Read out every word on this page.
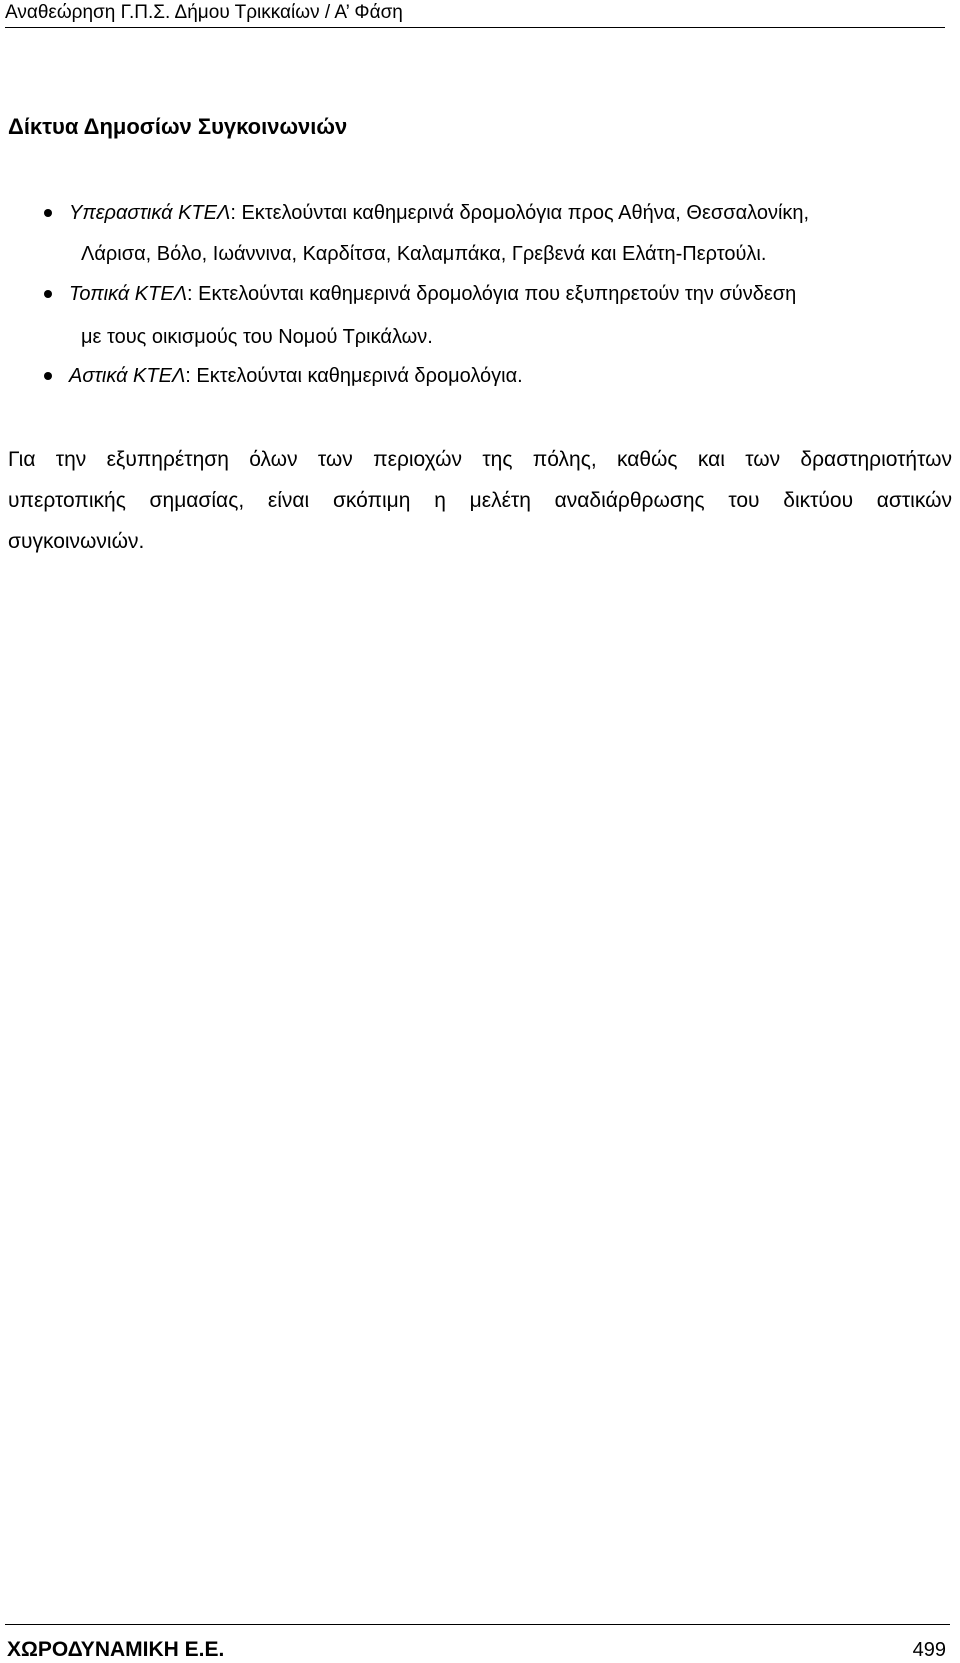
Αναθεώρηση Γ.Π.Σ. Δήμου Τρικκαίων / Α’ Φάση
Δίκτυα Δημοσίων Συγκοινωνιών
Υπεραστικά ΚΤΕΛ: Εκτελούνται καθημερινά δρομολόγια προς Αθήνα, Θεσσαλονίκη,
Λάρισα, Βόλο, Ιωάννινα, Καρδίτσα, Καλαμπάκα, Γρεβενά και Ελάτη-Περτούλι.
Τοπικά ΚΤΕΛ: Εκτελούνται καθημερινά δρομολόγια που εξυπηρετούν την σύνδεση
με τους οικισμούς του Νομού Τρικάλων.
Αστικά ΚΤΕΛ: Εκτελούνται καθημερινά δρομολόγια.
Για την εξυπηρέτηση όλων των περιοχών της πόλης, καθώς και των δραστηριοτήτων
υπερτοπικής σημασίας, είναι σκόπιμη η μελέτη αναδιάρθρωσης του δικτύου αστικών
συγκοινωνιών.
ΧΩΡΟΔΥΝΑΜΙΚΗ Ε.Ε.	499
